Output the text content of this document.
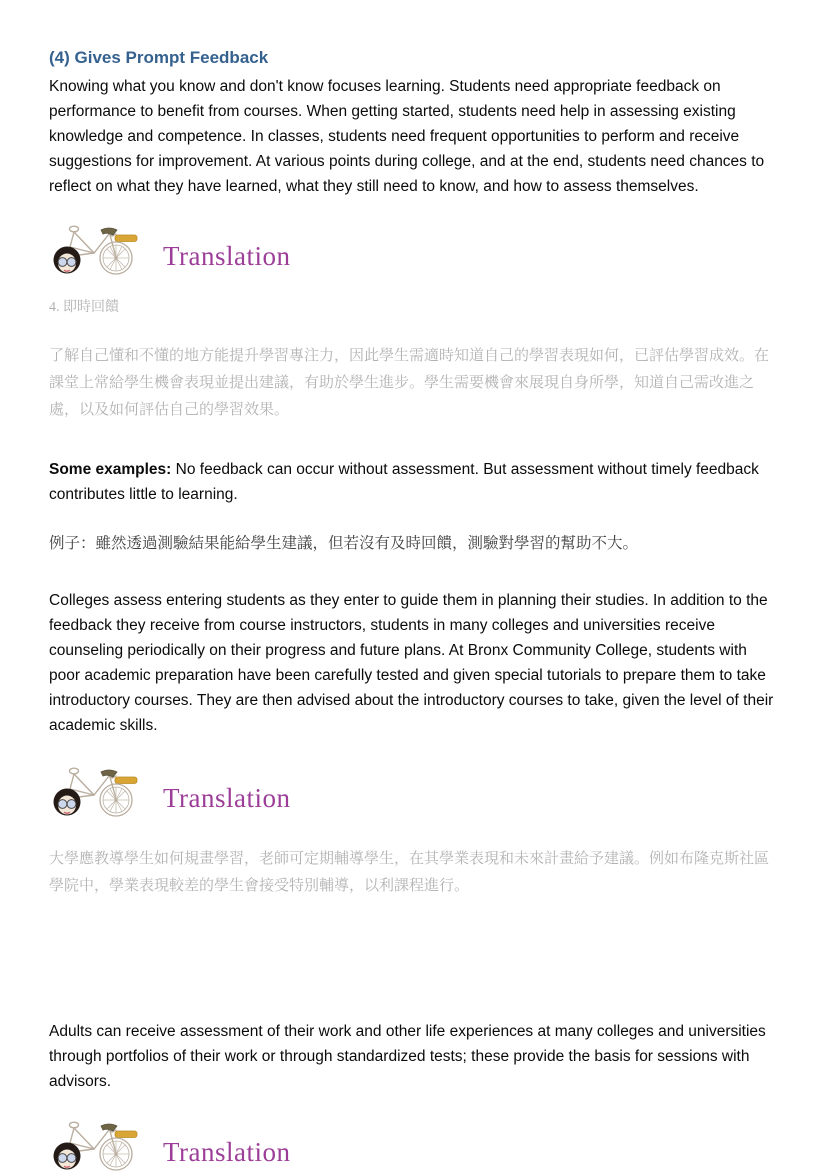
(4) Gives Prompt Feedback

Knowing what you know and don't know focuses learning. Students need appropriate feedback on performance to benefit from courses. When getting started, students need help in assessing existing knowledge and competence. In classes, students need frequent opportunities to perform and receive suggestions for improvement. At various points during college, and at the end, students need chances to reflect on what they have learned, what they still need to know, and how to assess themselves.

Translation

4. 即時回饋

了解自己懂和不懂的地方能提升學習專注力，因此學生需適時知道自己的學習表現如何，已評估學習成效。在課堂上常給學生機會表現並提出建議，有助於學生進步。學生需要機會來展現自身所學，知道自己需改進之處，以及如何評估自己的學習效果。

Some examples: No feedback can occur without assessment. But assessment without timely feedback contributes little to learning.

例子：雖然透過測驗結果能給學生建議，但若沒有及時回饋，測驗對學習的幫助不大。

Colleges assess entering students as they enter to guide them in planning their studies. In addition to the feedback they receive from course instructors, students in many colleges and universities receive counseling periodically on their progress and future plans. At Bronx Community College, students with poor academic preparation have been carefully tested and given special tutorials to prepare them to take introductory courses. They are then advised about the introductory courses to take, given the level of their academic skills.

Translation

大學應教導學生如何規畫學習，老師可定期輔導學生，在其學業表現和未來計畫給予建議。例如布隆克斯社區學院中，學業表現較差的學生會接受特別輔導，以利課程進行。

Adults can receive assessment of their work and other life experiences at many colleges and universities through portfolios of their work or through standardized tests; these provide the basis for sessions with advisors.

Translation
